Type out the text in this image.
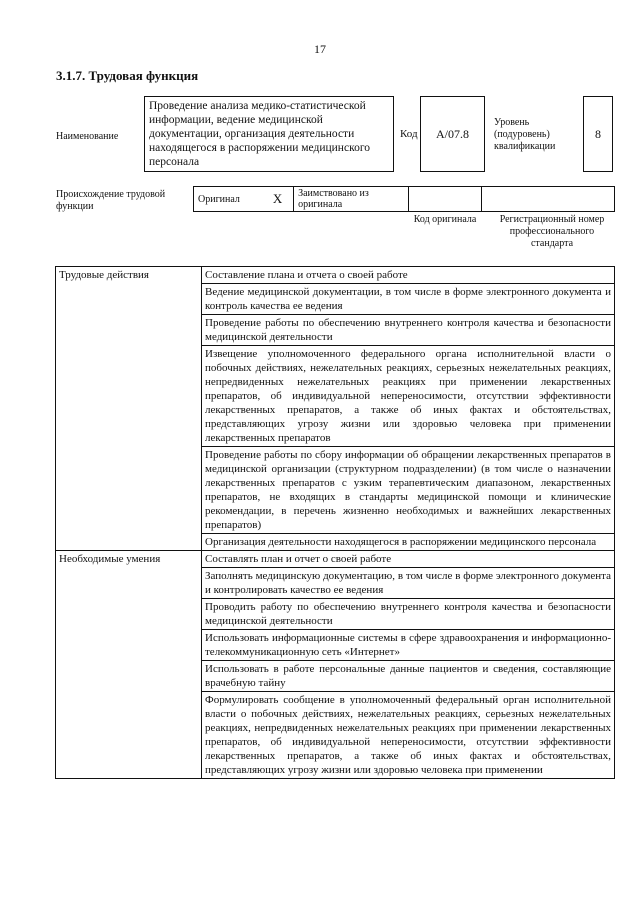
17
3.1.7. Трудовая функция
Наименование
Проведение анализа медико-статистической информации, ведение медицинской документации, организация деятельности находящегося в распоряжении медицинского персонала
Код	A/07.8
Уровень (подуровень) квалификации
8
Происхождение трудовой функции
Оригинал	X	Заимствовано из оригинала		
Код оригинала	Регистрационный номер профессионального стандарта
Трудовые действия	Составление плана и отчета о своей работе
	Ведение медицинской документации, в том числе в форме электронного документа и контроль качества ее ведения
	Проведение работы по обеспечению внутреннего контроля качества и безопасности медицинской деятельности
	Извещение уполномоченного федерального органа исполнительной власти о побочных действиях, нежелательных реакциях, серьезных нежелательных реакциях, непредвиденных нежелательных реакциях при применении лекарственных препаратов, об индивидуальной непереносимости, отсутствии эффективности лекарственных препаратов, а также об иных фактах и обстоятельствах, представляющих угрозу жизни или здоровью человека при применении лекарственных препаратов
	Проведение работы по сбору информации об обращении лекарственных препаратов в медицинской организации (структурном подразделении) (в том числе о назначении лекарственных препаратов с узким терапевтическим диапазоном, лекарственных препаратов, не входящих в стандарты медицинской помощи и клинические рекомендации, в перечень жизненно необходимых и важнейших лекарственных препаратов)
	Организация деятельности находящегося в распоряжении медицинского персонала
Необходимые умения	Составлять план и отчет о своей работе
	Заполнять медицинскую документацию, в том числе в форме электронного документа и контролировать качество ее ведения
	Проводить работу по обеспечению внутреннего контроля качества и безопасности медицинской деятельности
	Использовать информационные системы в сфере здравоохранения и информационно-телекоммуникационную сеть «Интернет»
	Использовать в работе персональные данные пациентов и сведения, составляющие врачебную тайну
	Формулировать сообщение в уполномоченный федеральный орган исполнительной власти о побочных действиях, нежелательных реакциях, серьезных нежелательных реакциях, непредвиденных нежелательных реакциях при применении лекарственных препаратов, об индивидуальной непереносимости, отсутствии эффективности лекарственных препаратов, а также об иных фактах и обстоятельствах, представляющих угрозу жизни или здоровью человека при применении
